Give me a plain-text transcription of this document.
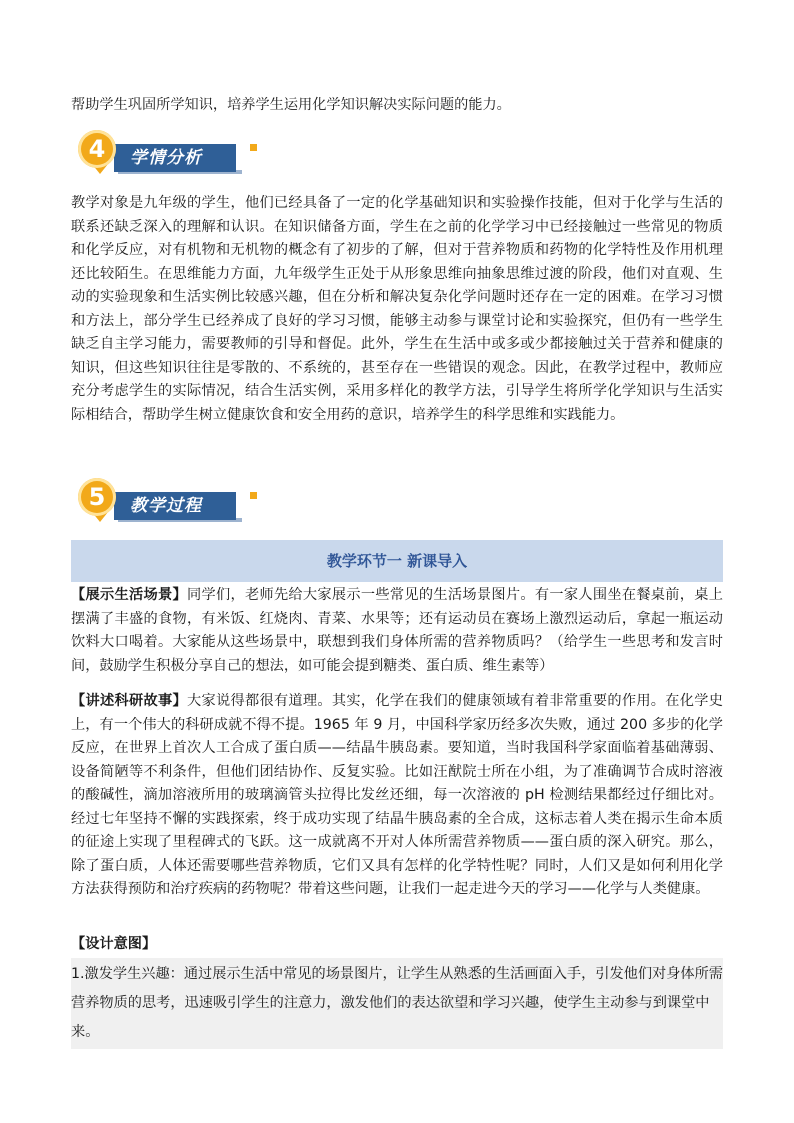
帮助学生巩固所学知识，培养学生运用化学知识解决实际问题的能力。
学情分析
4
教学对象是九年级的学生，他们已经具备了一定的化学基础知识和实验操作技能，但对于化学与生活的联系还缺乏深入的理解和认识。在知识储备方面，学生在之前的化学学习中已经接触过一些常见的物质和化学反应，对有机物和无机物的概念有了初步的了解，但对于营养物质和药物的化学特性及作用机理还比较陌生。在思维能力方面，九年级学生正处于从形象思维向抽象思维过渡的阶段，他们对直观、生动的实验现象和生活实例比较感兴趣，但在分析和解决复杂化学问题时还存在一定的困难。在学习习惯和方法上，部分学生已经养成了良好的学习习惯，能够主动参与课堂讨论和实验探究，但仍有一些学生缺乏自主学习能力，需要教师的引导和督促。此外，学生在生活中或多或少都接触过关于营养和健康的知识，但这些知识往往是零散的、不系统的，甚至存在一些错误的观念。因此，在教学过程中，教师应充分考虑学生的实际情况，结合生活实例，采用多样化的教学方法，引导学生将所学化学知识与生活实际相结合，帮助学生树立健康饮食和安全用药的意识，培养学生的科学思维和实践能力。
教学过程
5
教学环节一 新课导入
【展示生活场景】同学们，老师先给大家展示一些常见的生活场景图片。有一家人围坐在餐桌前，桌上摆满了丰盛的食物，有米饭、红烧肉、青菜、水果等；还有运动员在赛场上激烈运动后，拿起一瓶运动饮料大口喝着。大家能从这些场景中，联想到我们身体所需的营养物质吗？（给学生一些思考和发言时间，鼓励学生积极分享自己的想法，如可能会提到糖类、蛋白质、维生素等）
【讲述科研故事】大家说得都很有道理。其实，化学在我们的健康领域有着非常重要的作用。在化学史上，有一个伟大的科研成就不得不提。1965 年 9 月，中国科学家历经多次失败，通过 200 多步的化学反应，在世界上首次人工合成了蛋白质——结晶牛胰岛素。要知道，当时我国科学家面临着基础薄弱、设备简陋等不利条件，但他们团结协作、反复实验。比如汪猷院士所在小组，为了准确调节合成时溶液的酸碱性，滴加溶液所用的玻璃滴管头拉得比发丝还细，每一次溶液的 pH 检测结果都经过仔细比对。经过七年坚持不懈的实践探索，终于成功实现了结晶牛胰岛素的全合成，这标志着人类在揭示生命本质的征途上实现了里程碑式的飞跃。这一成就离不开对人体所需营养物质——蛋白质的深入研究。那么，除了蛋白质，人体还需要哪些营养物质，它们又具有怎样的化学特性呢？同时，人们又是如何利用化学方法获得预防和治疗疾病的药物呢？带着这些问题，让我们一起走进今天的学习——化学与人类健康。
【设计意图】
1.激发学生兴趣：通过展示生活中常见的场景图片，让学生从熟悉的生活画面入手，引发他们对身体所需营养物质的思考，迅速吸引学生的注意力，激发他们的表达欲望和学习兴趣，使学生主动参与到课堂中来。
